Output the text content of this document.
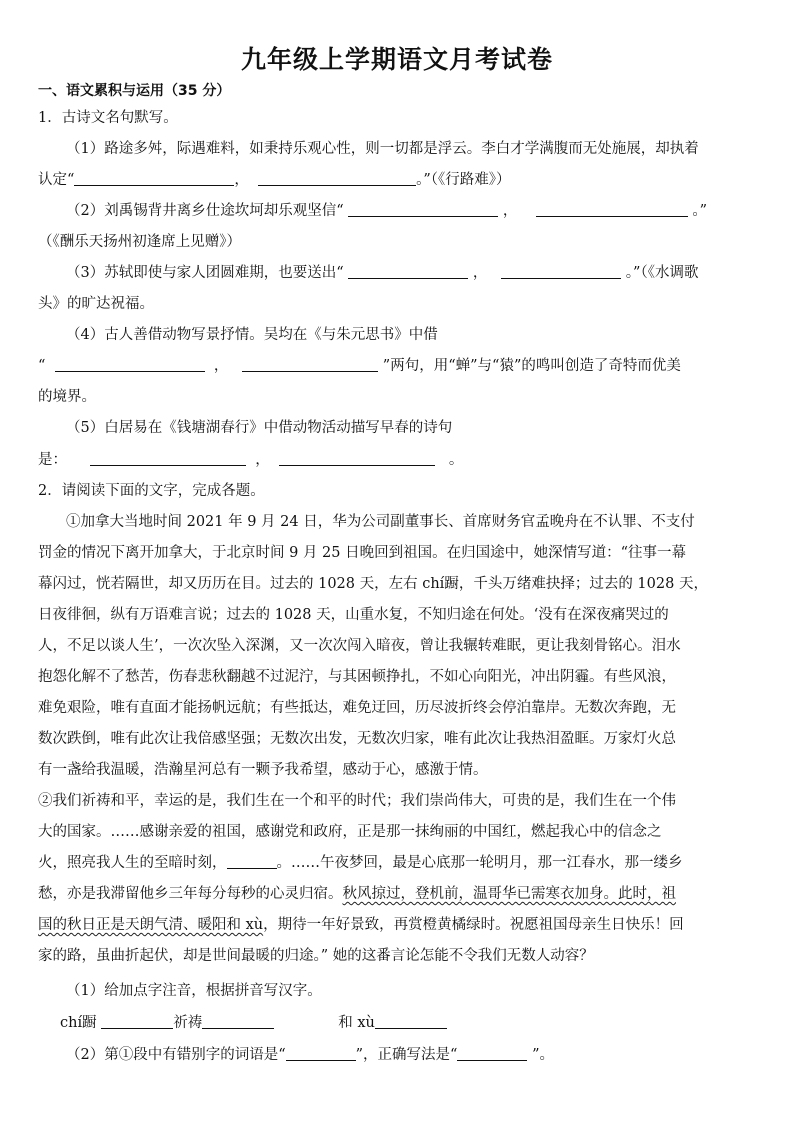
九年级上学期语文月考试卷
一、语文累积与运用（35 分）
1．古诗文名句默写。
（1）路途多舛，际遇难料，如秉持乐观心性，则一切都是浮云。李白才学满腹而无处施展，却执着
认定“	，	。”（《行路难》）
（2）刘禹锡背井离乡仕途坎坷却乐观坚信“	，	。”
（《酬乐天扬州初逢席上见赠》）
（3）苏轼即使与家人团圆难期，也要送出“	，	。”（《水调歌
头》的旷达祝福。
（4）古人善借动物写景抒情。吴均在《与朱元思书》中借
“	，	”两句，用“蝉”与“猿”的鸣叫创造了奇特而优美
的境界。
（5）白居易在《钱塘湖春行》中借动物活动描写早春的诗句
是：	，	。
2．请阅读下面的文字，完成各题。
①加拿大当地时间 2021 年 9 月 24 日，华为公司副董事长、首席财务官孟晚舟在不认罪、不支付
罚金的情况下离开加拿大，于北京时间 9 月 25 日晚回到祖国。在归国途中，她深情写道：“往事一幕
幕闪过，恍若隔世，却又历历在目。过去的 1028 天，左右 chí蹰，千头万绪难抉择；过去的 1028 天，
日夜徘徊，纵有万语难言说；过去的 1028 天，山重水复，不知归途在何处。‘没有在深夜痛哭过的
人，不足以谈人生’，一次次坠入深渊，又一次次闯入暗夜，曾让我辗转难眠，更让我刻骨铭心。泪水
抱怨化解不了愁苦，伤春悲秋翻越不过泥泞，与其困顿挣扎，不如心向阳光，冲出阴霾。有些风浪，
难免艰险，唯有直面才能扬帆远航；有些抵达，难免迂回，历尽波折终会停泊靠岸。无数次奔跑，无
数次跌倒，唯有此次让我倍感坚强；无数次出发，无数次归家，唯有此次让我热泪盈眶。万家灯火总
有一盏给我温暖，浩瀚星河总有一颗予我希望，感动于心，感激于情。
②我们祈祷和平，幸运的是，我们生在一个和平的时代；我们崇尚伟大，可贵的是，我们生在一个伟
大的国家。……感谢亲爱的祖国，感谢党和政府，正是那一抹绚丽的中国红，燃起我心中的信念之
火，照亮我人生的至暗时刻，	。……午夜梦回，最是心底那一轮明月，那一江春水，那一缕乡
愁，亦是我滞留他乡三年每分每秒的心灵归宿。秋风掠过，登机前，温哥华已需寒衣加身。此时，祖
国的秋日正是天朗气清、暖阳和 xù，期待一年好景致，再赏橙黄橘绿时。祝愿祖国母亲生日快乐！回
家的路，虽曲折起伏，却是世间最暖的归途。” 她的这番言论怎能不令我们无数人动容？
（1）给加点字注音，根据拼音写汉字。
chí蹰	祈祷	和 xù
（2）第①段中有错别字的词语是“	”，正确写法是“	”。
